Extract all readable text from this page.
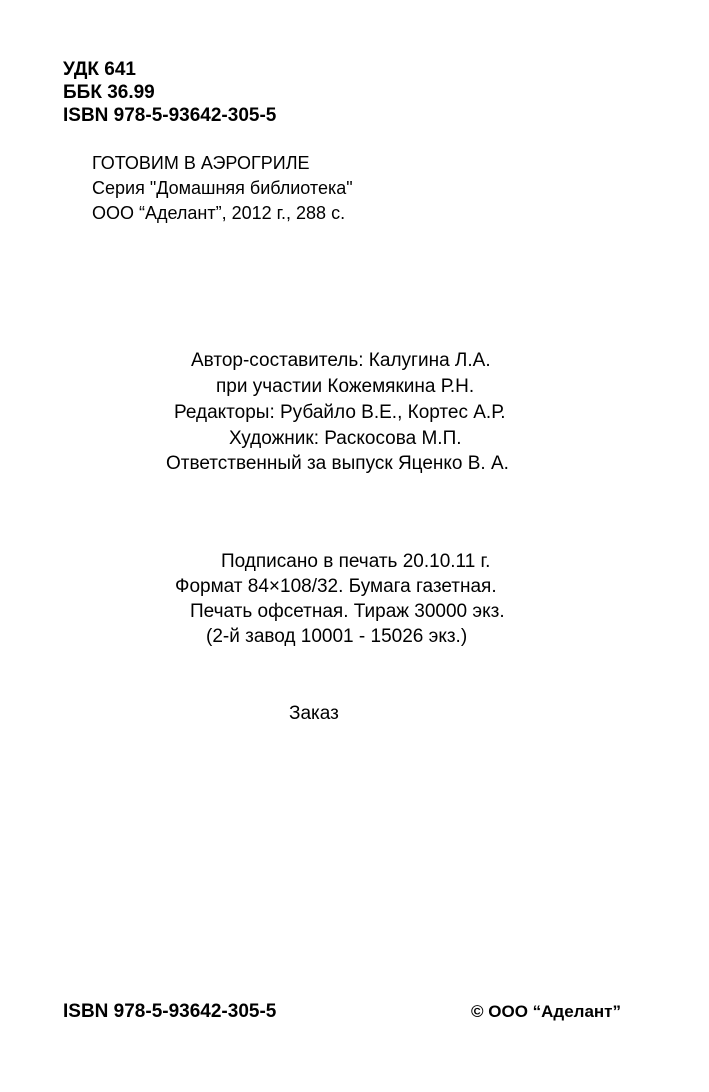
УДК 641
ББК 36.99
ISBN 978-5-93642-305-5
ГОТОВИМ В АЭРОГРИЛЕ
Серия "Домашняя библиотека"
ООО “Аделант”, 2012 г., 288 с.
Автор-составитель: Калугина Л.А.
при участии Кожемякина Р.Н.
Редакторы: Рубайло В.Е., Кортес А.Р.
Художник: Раскосова М.П.
Ответственный за выпуск Яценко В. А.
Подписано в печать 20.10.11 г.
Формат 84×108/32. Бумага газетная.
Печать офсетная. Тираж 30000 экз.
(2-й завод 10001 - 15026 экз.)
Заказ
ISBN 978-5-93642-305-5	© ООО “Аделант”
